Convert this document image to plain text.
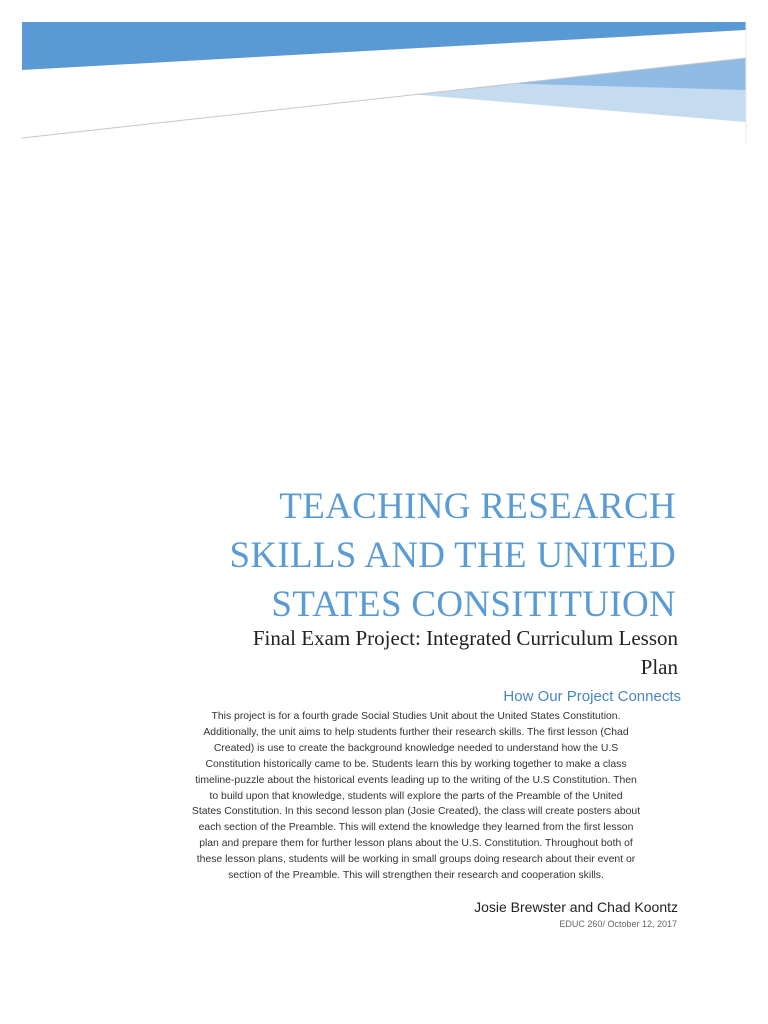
TEACHING RESEARCH
SKILLS AND THE UNITED
STATES CONSITITUION
Final Exam Project: Integrated Curriculum Lesson
Plan
How Our Project Connects
This project is for a fourth grade Social Studies Unit about the United States Constitution.
Additionally, the unit aims to help students further their research skills. The first lesson (Chad
Created) is use to create the background knowledge needed to understand how the U.S
Constitution historically came to be. Students learn this by working together to make a class
timeline-puzzle about the historical events leading up to the writing of the U.S Constitution. Then
to build upon that knowledge, students will explore the parts of the Preamble of the United
States Constitution. In this second lesson plan (Josie Created), the class will create posters about
each section of the Preamble. This will extend the knowledge they learned from the first lesson
plan and prepare them for further lesson plans about the U.S. Constitution. Throughout both of
these lesson plans, students will be working in small groups doing research about their event or
section of the Preamble. This will strengthen their research and cooperation skills.
Josie Brewster and Chad Koontz
EDUC 260/ October 12, 2017
